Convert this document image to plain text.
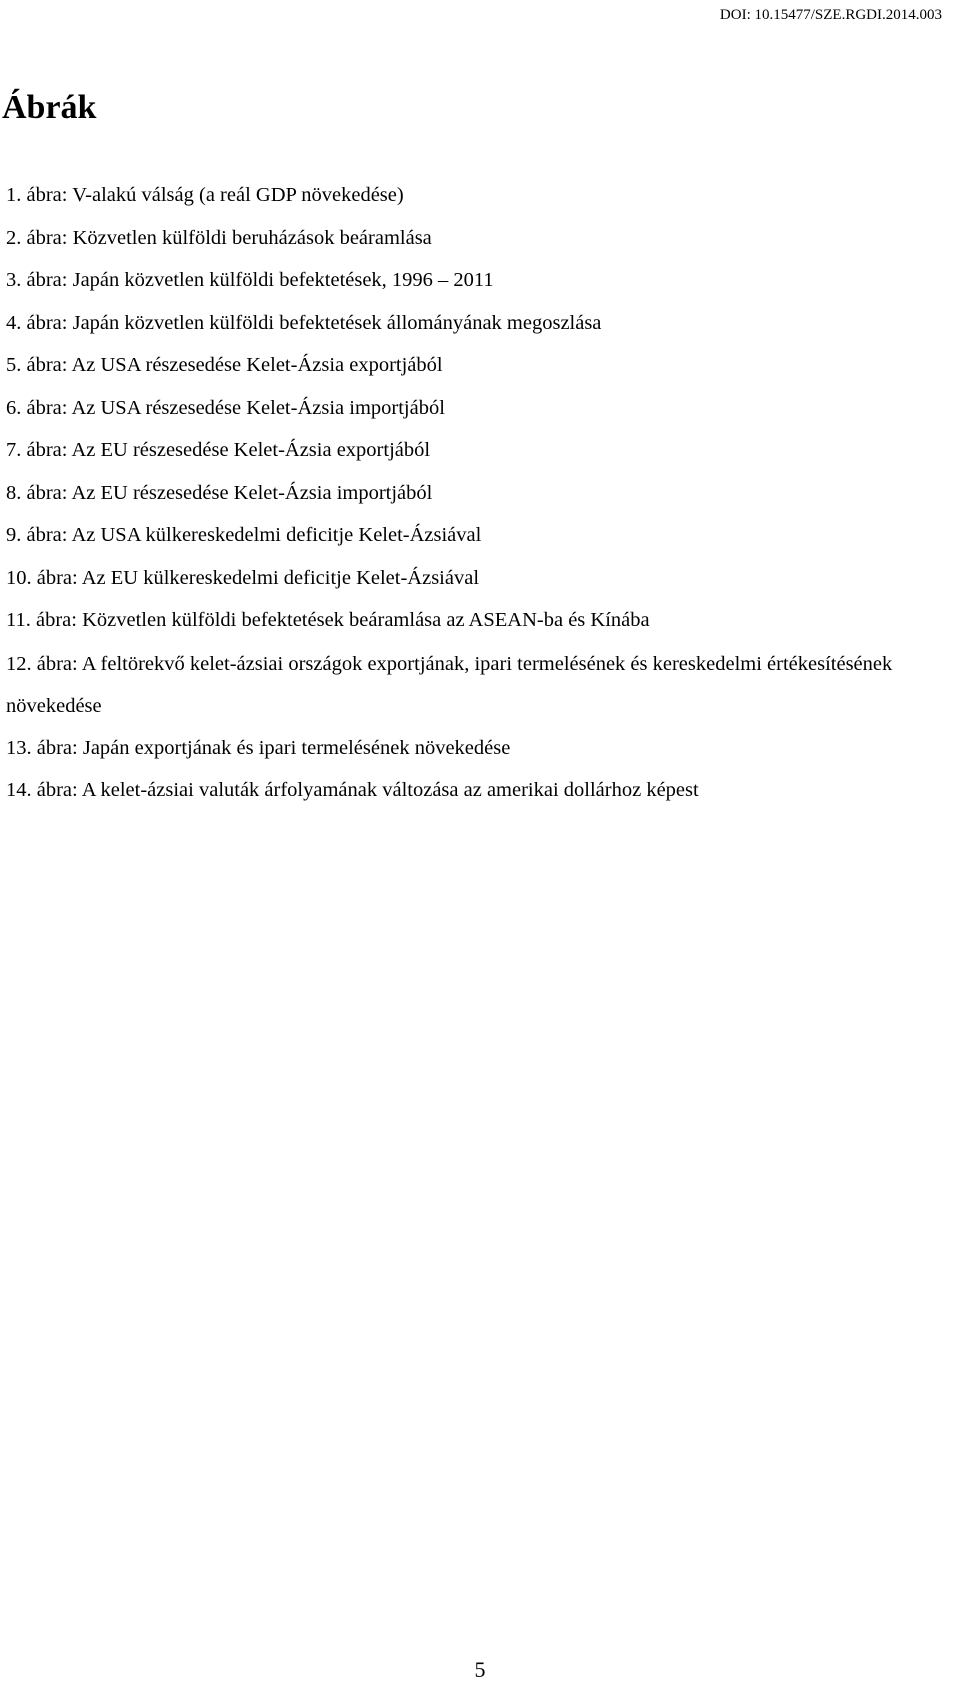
DOI: 10.15477/SZE.RGDI.2014.003
Ábrák
1. ábra: V-alakú válság (a reál GDP növekedése)
2. ábra: Közvetlen külföldi beruházások beáramlása
3. ábra: Japán közvetlen külföldi befektetések, 1996 – 2011
4. ábra: Japán közvetlen külföldi befektetések állományának megoszlása
5. ábra: Az USA részesedése Kelet-Ázsia exportjából
6. ábra: Az USA részesedése Kelet-Ázsia importjából
7. ábra: Az EU részesedése Kelet-Ázsia exportjából
8. ábra: Az EU részesedése Kelet-Ázsia importjából
9. ábra: Az USA külkereskedelmi deficitje Kelet-Ázsiával
10. ábra: Az EU külkereskedelmi deficitje Kelet-Ázsiával
11. ábra: Közvetlen külföldi befektetések beáramlása az ASEAN-ba és Kínába
12. ábra: A feltörekvő kelet-ázsiai országok exportjának, ipari termelésének és kereskedelmi értékesítésének növekedése
13. ábra: Japán exportjának és ipari termelésének növekedése
14. ábra: A kelet-ázsiai valuták árfolyamának változása az amerikai dollárhoz képest
5
